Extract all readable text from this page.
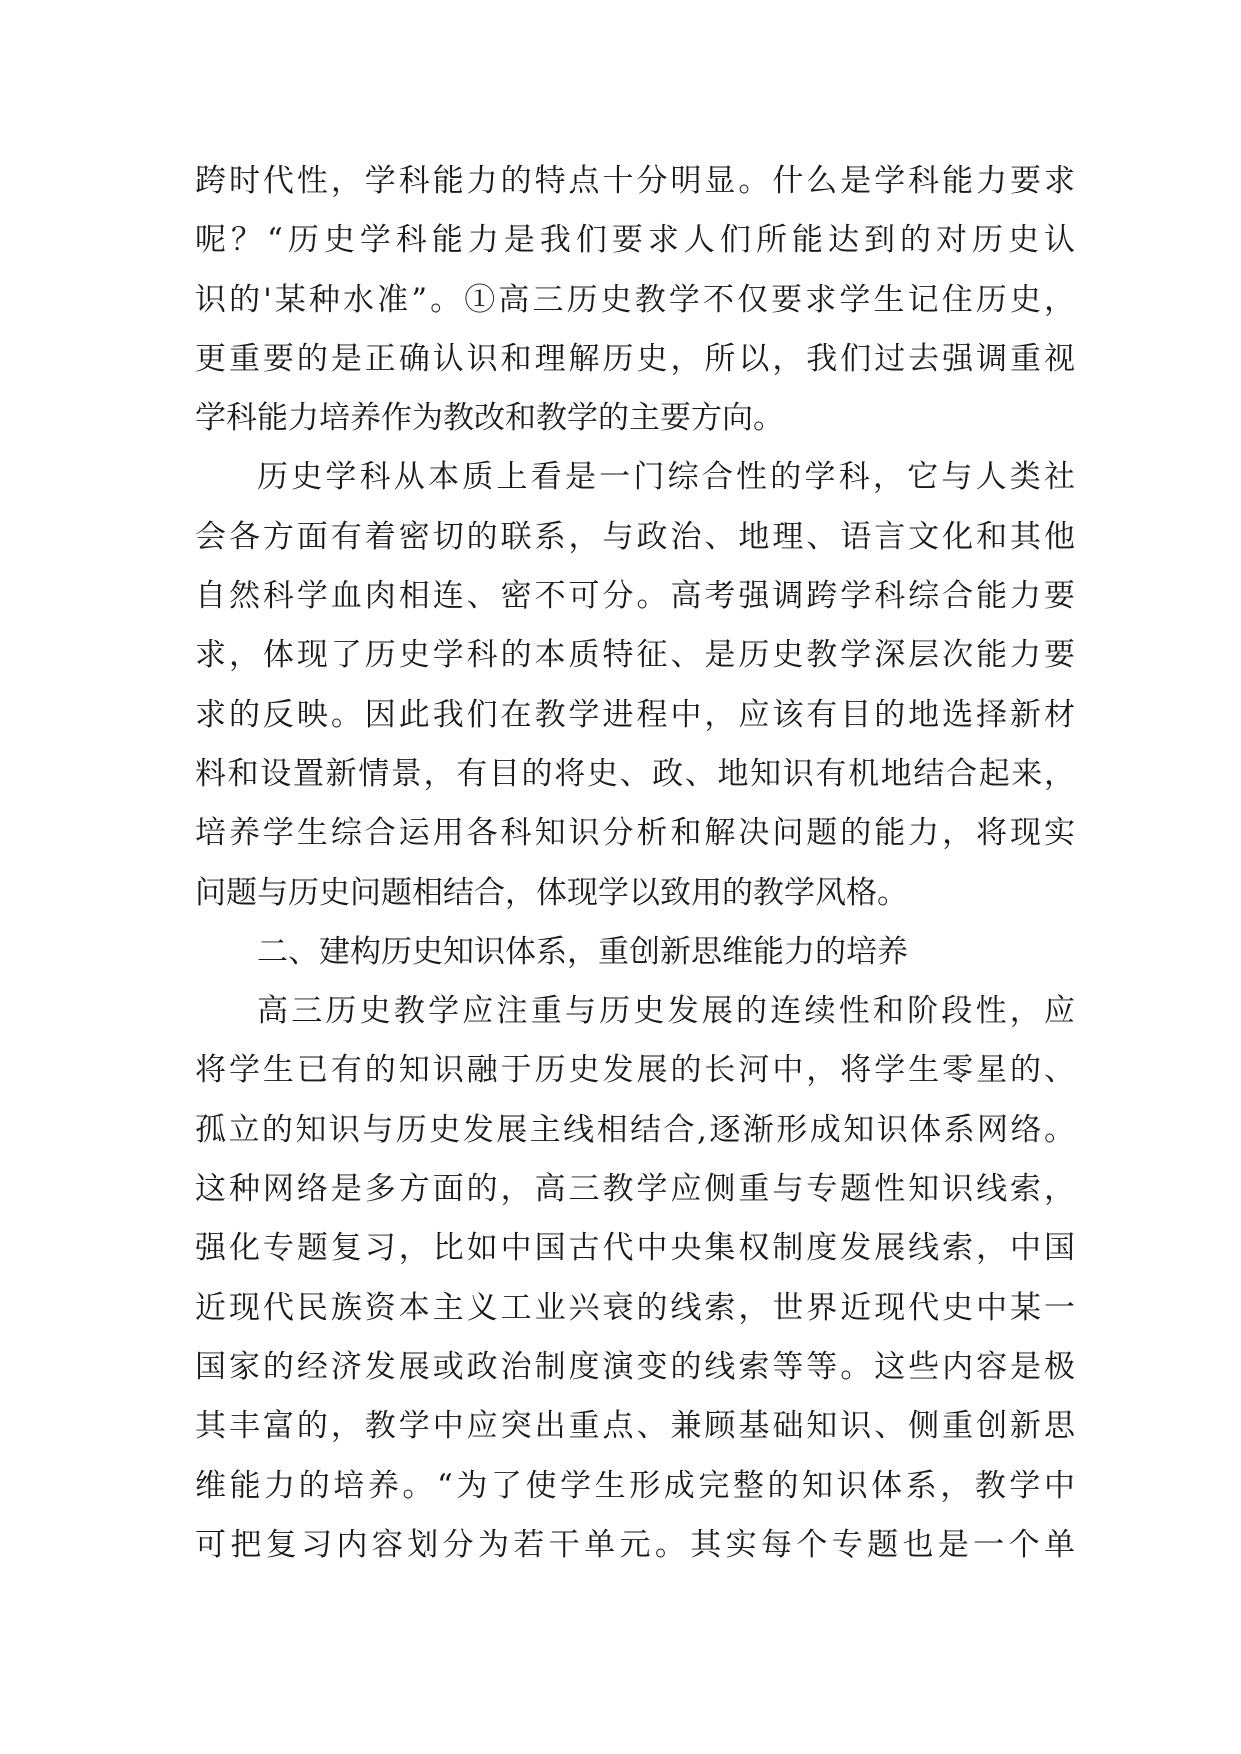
跨时代性，学科能力的特点十分明显。什么是学科能力要求
呢？“历史学科能力是我们要求人们所能达到的对历史认
识的'某种水准”。①高三历史教学不仅要求学生记住历史，
更重要的是正确认识和理解历史，所以，我们过去强调重视
学科能力培养作为教改和教学的主要方向。
历史学科从本质上看是一门综合性的学科，它与人类社
会各方面有着密切的联系，与政治、地理、语言文化和其他
自然科学血肉相连、密不可分。高考强调跨学科综合能力要
求，体现了历史学科的本质特征、是历史教学深层次能力要
求的反映。因此我们在教学进程中，应该有目的地选择新材
料和设置新情景，有目的将史、政、地知识有机地结合起来，
培养学生综合运用各科知识分析和解决问题的能力，将现实
问题与历史问题相结合，体现学以致用的教学风格。
二、建构历史知识体系，重创新思维能力的培养
高三历史教学应注重与历史发展的连续性和阶段性，应
将学生已有的知识融于历史发展的长河中，将学生零星的、
孤立的知识与历史发展主线相结合,逐渐形成知识体系网络。
这种网络是多方面的，高三教学应侧重与专题性知识线索，
强化专题复习，比如中国古代中央集权制度发展线索，中国
近现代民族资本主义工业兴衰的线索，世界近现代史中某一
国家的经济发展或政治制度演变的线索等等。这些内容是极
其丰富的，教学中应突出重点、兼顾基础知识、侧重创新思
维能力的培养。“为了使学生形成完整的知识体系，教学中
可把复习内容划分为若干单元。其实每个专题也是一个单
